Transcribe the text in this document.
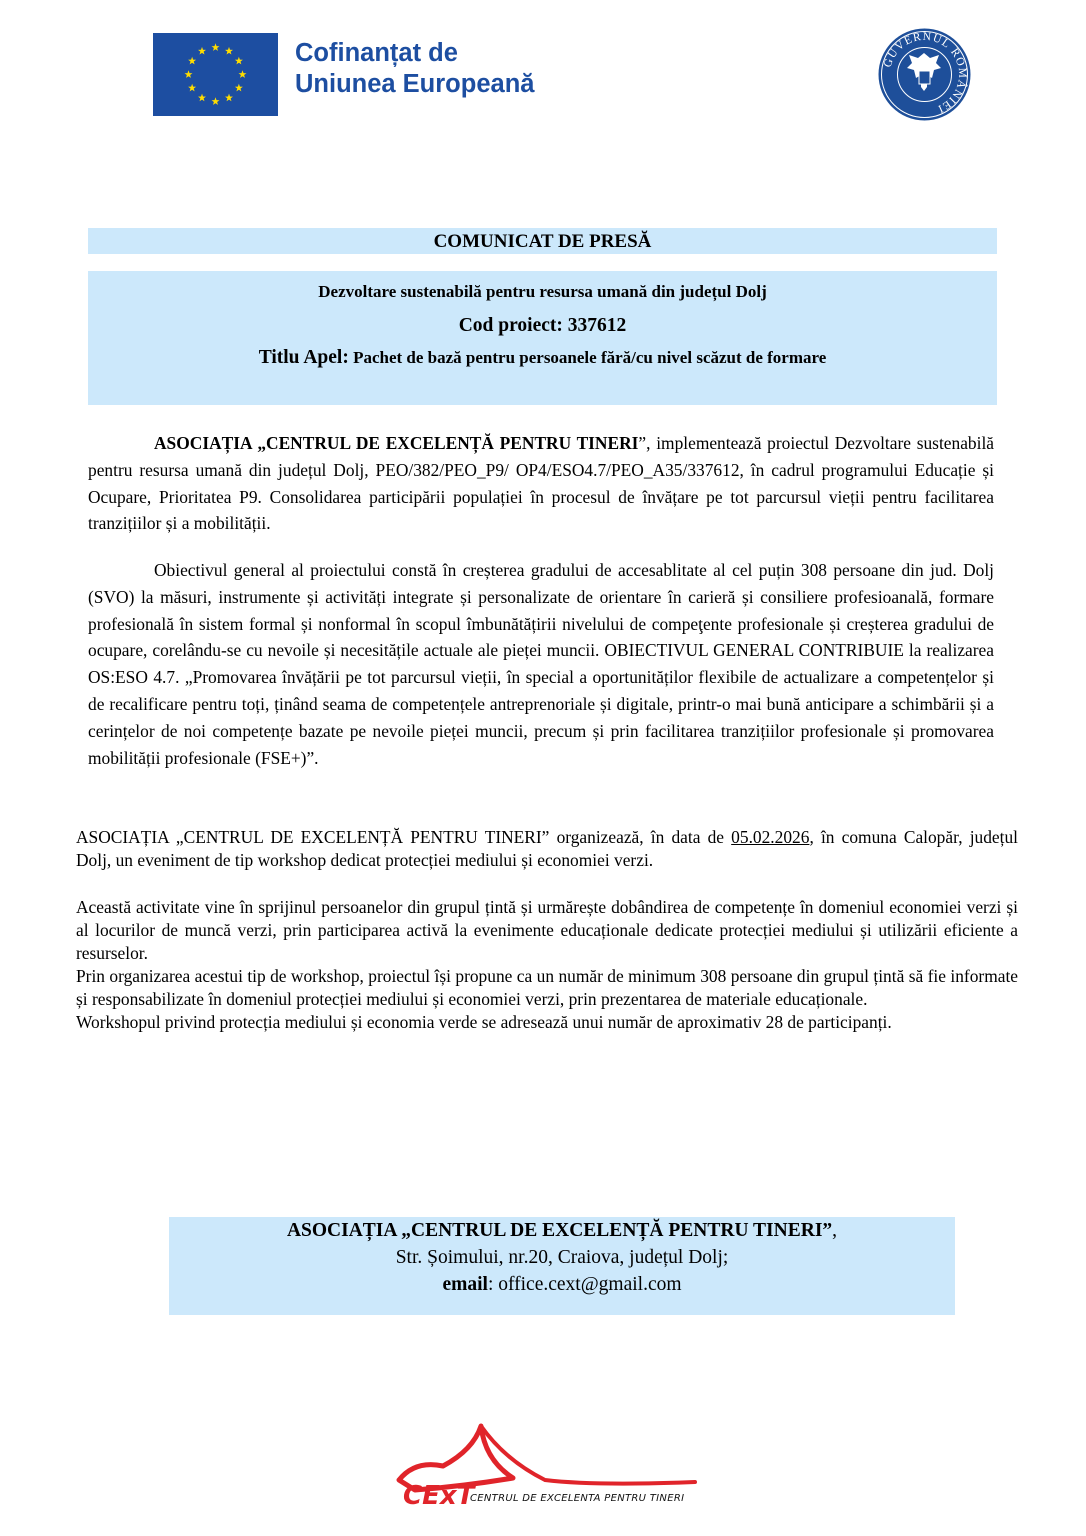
Cofinanțat de
Uniunea Europeană
GUVERNUL ROMÂNIEI
COMUNICAT DE PRESĂ
Dezvoltare sustenabilă pentru resursa umană din județul Dolj
Cod proiect: 337612
Titlu Apel: Pachet de bază pentru persoanele fără/cu nivel scăzut de formare
ASOCIAȚIA „CENTRUL DE EXCELENȚĂ PENTRU TINERI”, implementează proiectul Dezvoltare sustenabilă pentru resursa umană din județul Dolj, PEO/382/PEO_P9/ OP4/ESO4.7/PEO_A35/337612, în cadrul programului Educație și Ocupare, Prioritatea P9. Consolidarea participării populației în procesul de învățare pe tot parcursul vieții pentru facilitarea tranzițiilor și a mobilității.
Obiectivul general al proiectului constă în creșterea gradului de accesablitate al cel puțin 308 persoane din jud. Dolj (SVO) la măsuri, instrumente și activități integrate și personalizate de orientare în carieră și consiliere profesioanală, formare profesională în sistem formal și nonformal în scopul îmbunătățirii nivelului de compeţente profesionale și creșterea gradului de ocupare, corelându-se cu nevoile și necesitățile actuale ale pieței muncii. OBIECTIVUL GENERAL CONTRIBUIE la realizarea OS:ESO 4.7. „Promovarea învățării pe tot parcursul vieții, în special a oportunităților flexibile de actualizare a competențelor și de recalificare pentru toți, ținând seama de competențele antreprenoriale și digitale, printr-o mai bună anticipare a schimbării și a cerințelor de noi competențe bazate pe nevoile pieței muncii, precum și prin facilitarea tranzițiilor profesionale și promovarea mobilității profesionale (FSE+)”.
ASOCIAȚIA „CENTRUL DE EXCELENȚĂ PENTRU TINERI” organizează, în data de 05.02.2026, în comuna Calopăr, județul Dolj, un eveniment de tip workshop dedicat protecției mediului și economiei verzi.
Această activitate vine în sprijinul persoanelor din grupul țintă și urmărește dobândirea de competențe în domeniul economiei verzi și al locurilor de muncă verzi, prin participarea activă la evenimente educaționale dedicate protecției mediului și utilizării eficiente a resurselor.
Prin organizarea acestui tip de workshop, proiectul își propune ca un număr de minimum 308 persoane din grupul țintă să fie informate și responsabilizate în domeniul protecției mediului și economiei verzi, prin prezentarea de materiale educaționale.
Workshopul privind protecția mediului și economia verde se adresează unui număr de aproximativ 28 de participanți.
ASOCIAȚIA „CENTRUL DE EXCELENȚĂ PENTRU TINERI”,
Str. Șoimului, nr.20, Craiova, județul Dolj;
email: office.cext@gmail.com
CExT
CENTRUL DE EXCELENTA PENTRU TINERI
